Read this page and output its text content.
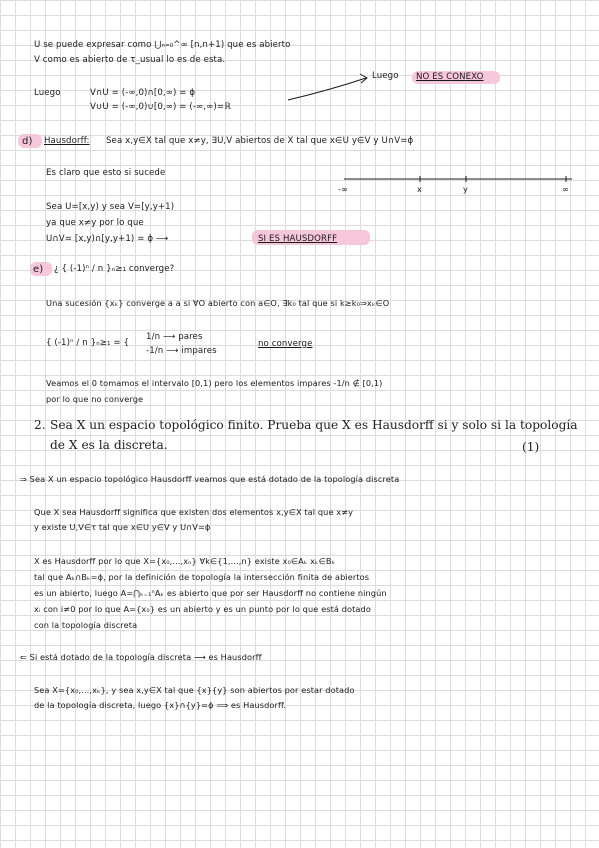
U se puede expresar como ⋃ₙ₌₀^∞ [n,n+1) que es abierto
V como es abierto de τ_usual lo es de esta.
Luego	V∩U = (-∞,0)∩[0,∞) = ϕ
V∪U = (-∞,0)∪[0,∞) = (-∞,∞)=ℝ
Luego NO ES CONEXO
d) Hausdorff: Sea x,y∈X tal que x≠y, ∃U,V abiertos de X tal que x∈U y∈V y U∩V=ϕ
Es claro que esto si sucede
-∞	x	y	∞
Sea U=[x,y) y sea V=[y,y+1)
ya que x≠y por lo que
U∩V= [x,y)∩[y,y+1) = ϕ ⟶	SI ES HAUSDORFF
e) ¿ { (-1)ⁿ / n }ₙ≥₁ converge?
Una sucesión {xₖ} converge a a si ∀O abierto con a∈O, ∃k₀ tal que si k≥k₀⇒xₖ∈O
{ (-1)ⁿ / n }ₙ≥₁ = {
1/n ⟶ pares
-1/n ⟶ impares
no converge
Veamos el 0 tomamos el intervalo [0,1) pero los elementos impares -1/n ∉ [0,1)
por lo que no converge
2. Sea X un espacio topológico finito. Prueba que X es Hausdorff si y solo si la topología
de X es la discreta.	(1)
⇒ Sea X un espacio topológico Hausdorff veamos que está dotado de la topología discreta
Que X sea Hausdorff significa que existen dos elementos x,y∈X tal que x≠y
y existe U,V∈τ tal que x∈U y∈V y U∩V=ϕ
X es Hausdorff por lo que X={x₀,...,xₙ} ∀k∈{1,...,n} existe x₀∈Aₖ xₖ∈Bₖ
tal que Aₖ∩Bₖ=ϕ, por la definición de topología la intersección finita de abiertos
es un abierto, luego A=⋂ₖ₌₁ⁿAₖ es abierto que por ser Hausdorff no contiene ningún
xᵢ con i≠0 por lo que A={x₀} es un abierto y es un punto por lo que está dotado
con la topología discreta
⇐ Si está dotado de la topología discreta ⟶ es Hausdorff
Sea X={x₀,...,xₖ}, y sea x,y∈X tal que {x}{y} son abiertos por estar dotado
de la topología discreta, luego {x}∩{y}=ϕ ⟹ es Hausdorff.
